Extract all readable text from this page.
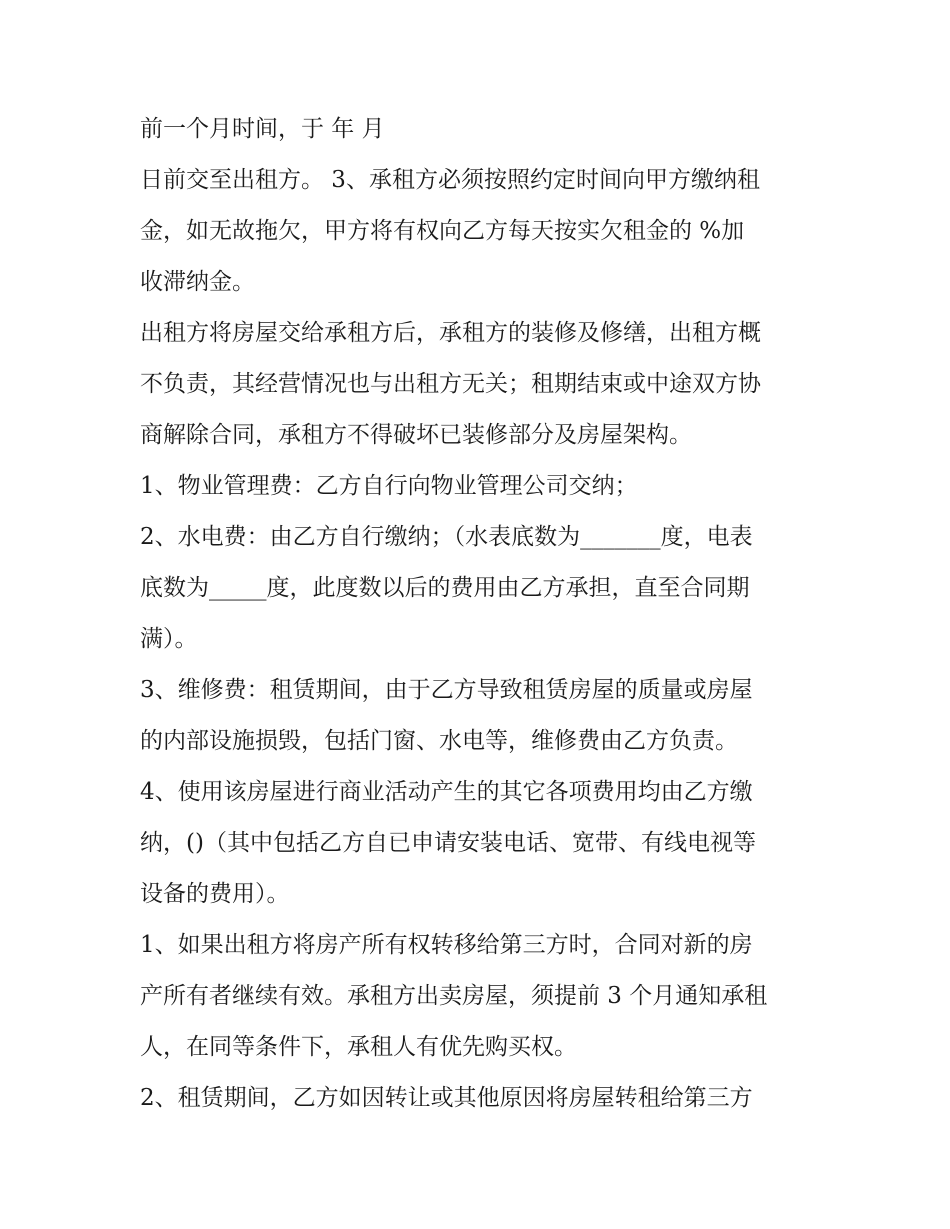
前一个月时间，于 年 月
日前交至出租方。 3、承租方必须按照约定时间向甲方缴纳租
金，如无故拖欠，甲方将有权向乙方每天按实欠租金的 %加
收滞纳金。
出租方将房屋交给承租方后，承租方的装修及修缮，出租方概
不负责，其经营情况也与出租方无关；租期结束或中途双方协
商解除合同，承租方不得破坏已装修部分及房屋架构。
1、物业管理费：乙方自行向物业管理公司交纳；
2、水电费：由乙方自行缴纳；（水表底数为_______度，电表
底数为_____度，此度数以后的费用由乙方承担，直至合同期
满）。
3、维修费：租赁期间，由于乙方导致租赁房屋的质量或房屋
的内部设施损毁，包括门窗、水电等，维修费由乙方负责。
4、使用该房屋进行商业活动产生的其它各项费用均由乙方缴
纳，()（其中包括乙方自已申请安装电话、宽带、有线电视等
设备的费用）。
1、如果出租方将房产所有权转移给第三方时，合同对新的房
产所有者继续有效。承租方出卖房屋，须提前 3 个月通知承租
人，在同等条件下，承租人有优先购买权。
2、租赁期间，乙方如因转让或其他原因将房屋转租给第三方
